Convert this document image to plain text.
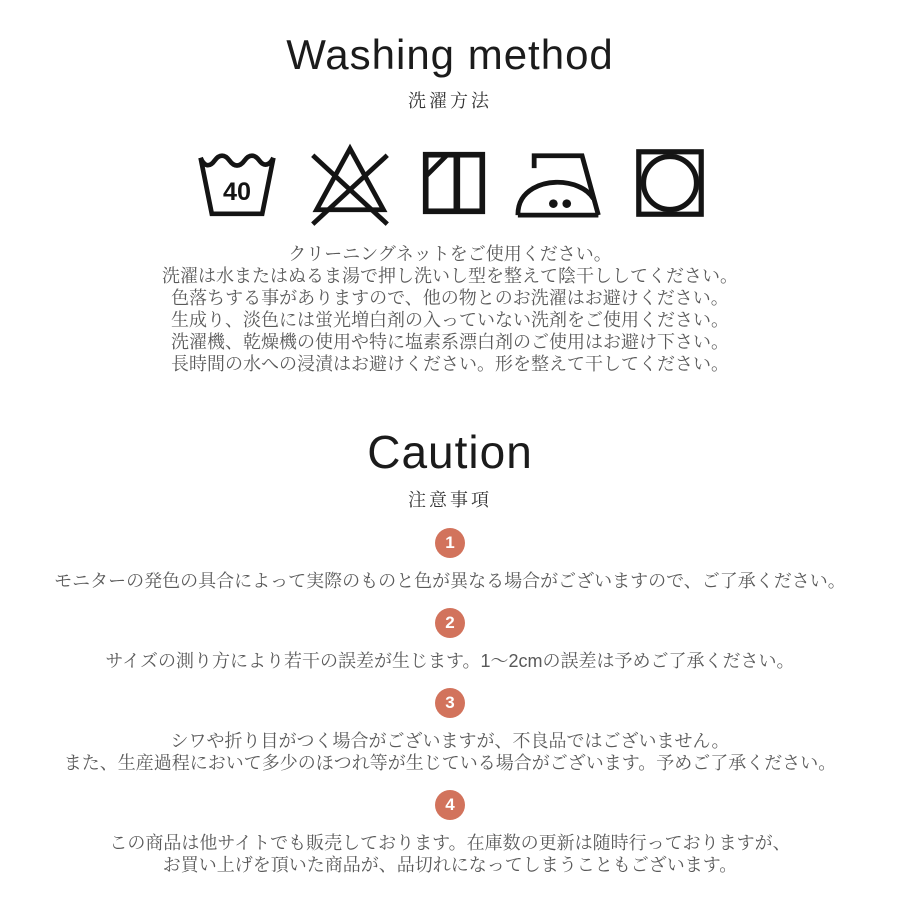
Washing method
洗濯方法
40
クリーニングネットをご使用ください。
洗濯は水またはぬるま湯で押し洗いし型を整えて陰干ししてください。
色落ちする事がありますので、他の物とのお洗濯はお避けください。
生成り、淡色には蛍光増白剤の入っていない洗剤をご使用ください。
洗濯機、乾燥機の使用や特に塩素系漂白剤のご使用はお避け下さい。
長時間の水への浸漬はお避けください。形を整えて干してください。
Caution
注意事項
1
モニターの発色の具合によって実際のものと色が異なる場合がございますので、ご了承ください。
2
サイズの測り方により若干の誤差が生じます。1〜2cmの誤差は予めご了承ください。
3
シワや折り目がつく場合がございますが、不良品ではございません。
また、生産過程において多少のほつれ等が生じている場合がございます。予めご了承ください。
4
この商品は他サイトでも販売しております。在庫数の更新は随時行っておりますが、
お買い上げを頂いた商品が、品切れになってしまうこともございます。
